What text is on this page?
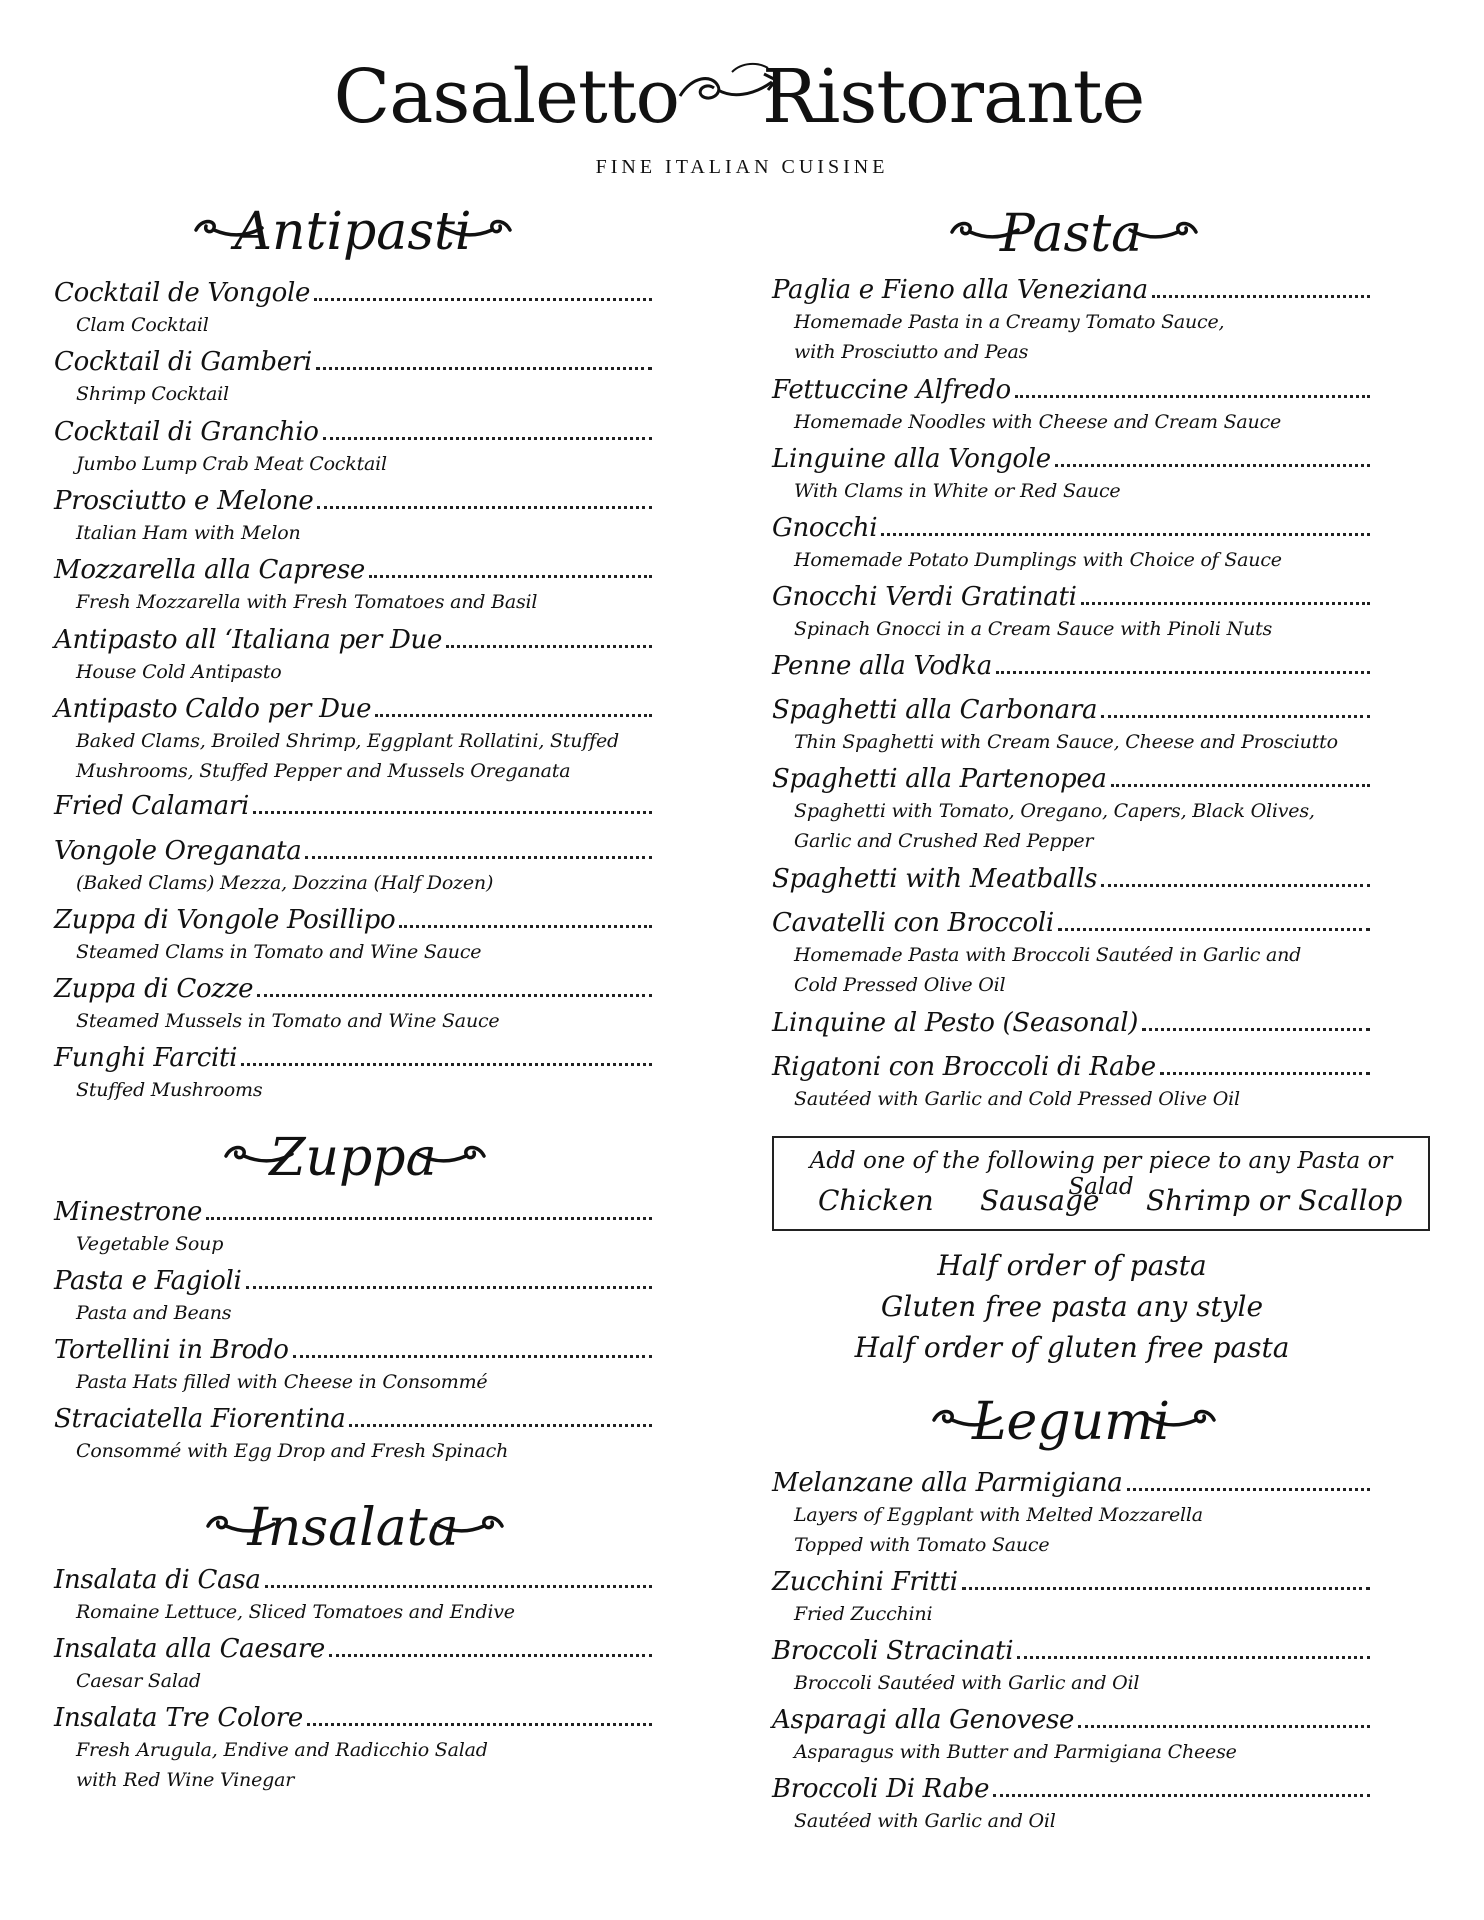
Casaletto Ristorante
FINE ITALIAN CUISINE
Antipasti
Cocktail de Vongole
Clam Cocktail
Cocktail di Gamberi
Shrimp Cocktail
Cocktail di Granchio
Jumbo Lump Crab Meat Cocktail
Prosciutto e Melone
Italian Ham with Melon
Mozzarella alla Caprese
Fresh Mozzarella with Fresh Tomatoes and Basil
Antipasto all ‘Italiana per Due
House Cold Antipasto
Antipasto Caldo per Due
Baked Clams, Broiled Shrimp, Eggplant Rollatini, Stuffed
Mushrooms, Stuffed Pepper and Mussels Oreganata
Fried Calamari
Vongole Oreganata
(Baked Clams) Mezza, Dozzina (Half Dozen)
Zuppa di Vongole Posillipo
Steamed Clams in Tomato and Wine Sauce
Zuppa di Cozze
Steamed Mussels in Tomato and Wine Sauce
Funghi Farciti
Stuffed Mushrooms
Zuppa
Minestrone
Vegetable Soup
Pasta e Fagioli
Pasta and Beans
Tortellini in Brodo
Pasta Hats filled with Cheese in Consommé
Straciatella Fiorentina
Consommé with Egg Drop and Fresh Spinach
Insalata
Insalata di Casa
Romaine Lettuce, Sliced Tomatoes and Endive
Insalata alla Caesare
Caesar Salad
Insalata Tre Colore
Fresh Arugula, Endive and Radicchio Salad
with Red Wine Vinegar
Pasta
Paglia e Fieno alla Veneziana
Homemade Pasta in a Creamy Tomato Sauce,
with Prosciutto and Peas
Fettuccine Alfredo
Homemade Noodles with Cheese and Cream Sauce
Linguine alla Vongole
With Clams in White or Red Sauce
Gnocchi
Homemade Potato Dumplings with Choice of Sauce
Gnocchi Verdi Gratinati
Spinach Gnocci in a Cream Sauce with Pinoli Nuts
Penne alla Vodka
Spaghetti alla Carbonara
Thin Spaghetti with Cream Sauce, Cheese and Prosciutto
Spaghetti alla Partenopea
Spaghetti with Tomato, Oregano, Capers, Black Olives,
Garlic and Crushed Red Pepper
Spaghetti with Meatballs
Cavatelli con Broccoli
Homemade Pasta with Broccoli Sautéed in Garlic and
Cold Pressed Olive Oil
Linquine al Pesto (Seasonal)
Rigatoni con Broccoli di Rabe
Sautéed with Garlic and Cold Pressed Olive Oil
Legumi
Melanzane alla Parmigiana
Layers of Eggplant with Melted Mozzarella
Topped with Tomato Sauce
Zucchini Fritti
Fried Zucchini
Broccoli Stracinati
Broccoli Sautéed with Garlic and Oil
Asparagi alla Genovese
Asparagus with Butter and Parmigiana Cheese
Broccoli Di Rabe
Sautéed with Garlic and Oil
Add one of the following per piece to any Pasta or Salad
Chicken Sausage Shrimp or Scallop
Half order of pasta
Gluten free pasta any style
Half order of gluten free pasta
